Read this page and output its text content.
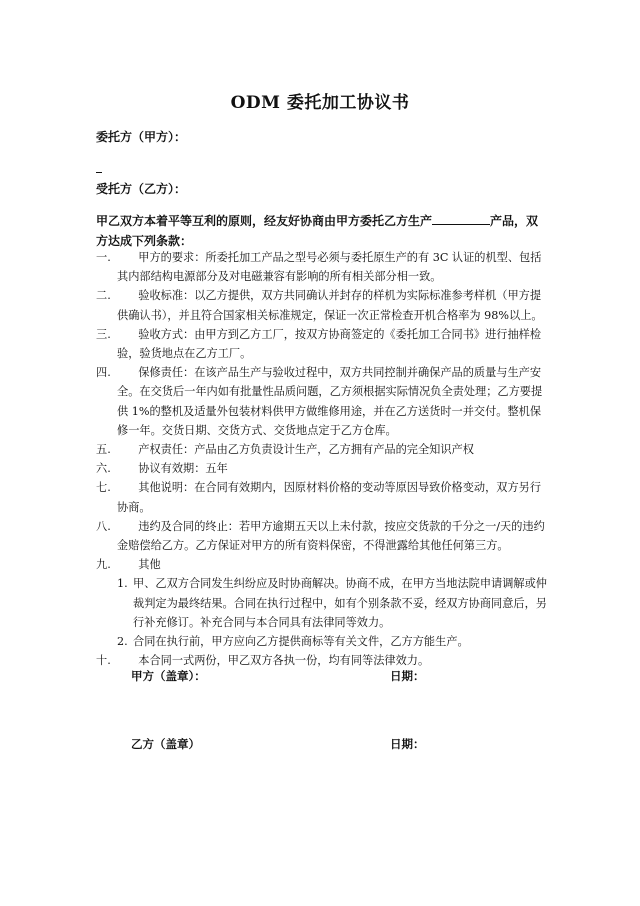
ODM 委托加工协议书
委托方（甲方）：
受托方（乙方）：
甲乙双方本着平等互利的原则，经友好协商由甲方委托乙方生产	产品，双方达成下列条款：
一.	甲方的要求：所委托加工产品之型号必须与委托原生产的有 3C 认证的机型、包括其内部结构电源部分及对电磁兼容有影响的所有相关部分相一致。
二.	验收标准：以乙方提供，双方共同确认并封存的样机为实际标准参考样机（甲方提供确认书），并且符合国家相关标准规定，保证一次正常检查开机合格率为 98%以上。
三.	验收方式：由甲方到乙方工厂，按双方协商签定的《委托加工合同书》进行抽样检验，验货地点在乙方工厂。
四.	保修责任：在该产品生产与验收过程中，双方共同控制并确保产品的质量与生产安全。在交货后一年内如有批量性品质问题，乙方须根据实际情况负全责处理；乙方要提供 1%的整机及适量外包装材料供甲方做维修用途，并在乙方送货时一并交付。整机保修一年。交货日期、交货方式、交货地点定于乙方仓库。
五.	产权责任：产品由乙方负责设计生产，乙方拥有产品的完全知识产权
六.	协议有效期：五年
七.	其他说明：在合同有效期内，因原材料价格的变动等原因导致价格变动，双方另行协商。
八.	违约及合同的终止：若甲方逾期五天以上未付款，按应交货款的千分之一/天的违约金赔偿给乙方。乙方保证对甲方的所有资料保密，不得泄露给其他任何第三方。
九.	其他
1. 甲、乙双方合同发生纠纷应及时协商解决。协商不成，在甲方当地法院申请调解或仲裁判定为最终结果。合同在执行过程中，如有个别条款不妥，经双方协商同意后，另行补充修订。补充合同与本合同具有法律同等效力。
2. 合同在执行前，甲方应向乙方提供商标等有关文件，乙方方能生产。
十.	本合同一式两份，甲乙双方各执一份，均有同等法律效力。
甲方（盖章）：	日期：
乙方（盖章）	日期：
